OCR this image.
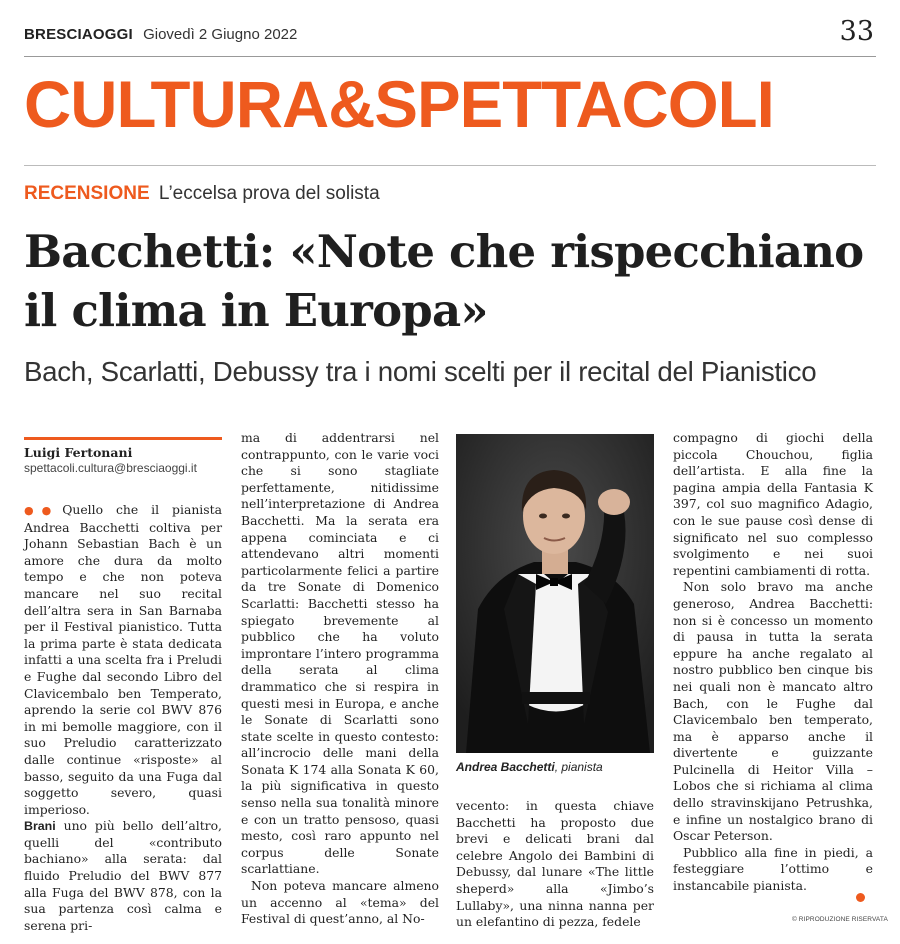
BRESCIAOGGI Giovedì 2 Giugno 2022	33
CULTURA&SPETTACOLI
RECENSIONE L’eccelsa prova del solista
Bacchetti: «Note che rispecchiano
il clima in Europa»
Bach, Scarlatti, Debussy tra i nomi scelti per il recital del Pianistico
Luigi Fertonani
spettacoli.cultura@bresciaoggi.it

●● Quello che il pianista Andrea Bacchetti coltiva per Johann Sebastian Bach è un amore che dura da molto tempo e che non poteva mancare nel suo recital dell’altra sera in San Barnaba per il Festival pianistico. Tutta la prima parte è stata dedicata infatti a una scelta fra i Preludi e Fughe dal secondo Libro del Clavicembalo ben Temperato, aprendo la serie col BWV 876 in mi bemolle maggiore, con il suo Preludio caratterizzato dalle continue «risposte» al basso, seguito da una Fuga dal soggetto severo, quasi imperioso.

Brani uno più bello dell’altro, quelli del «contributo bachiano» alla serata: dal fluido Preludio del BWV 877 alla Fuga del BWV 878, con la sua partenza così calma e serena pri-

ma di addentrarsi nel contrappunto, con le varie voci che si sono stagliate perfettamente, nitidissime nell’interpretazione di Andrea Bacchetti. Ma la serata era appena cominciata e ci attendevano altri momenti particolarmente felici a partire da tre Sonate di Domenico Scarlatti: Bacchetti stesso ha spiegato brevemente al pubblico che ha voluto improntare l’intero programma della serata al clima drammatico che si respira in questi mesi in Europa, e anche le Sonate di Scarlatti sono state scelte in questo contesto: all’incrocio delle mani della Sonata K 174 alla Sonata K 60, la più significativa in questo senso nella sua tonalità minore e con un tratto pensoso, quasi mesto, così raro appunto nel corpus delle Sonate scarlattiane.

Non poteva mancare almeno un accenno al «tema» del Festival di quest’anno, al No-

Andrea Bacchetti, pianista

vecento: in questa chiave Bacchetti ha proposto due brevi e delicati brani dal celebre Angolo dei Bambini di Debussy, dal lunare «The little sheperd» alla «Jimbo’s Lullaby», una ninna nanna per un elefantino di pezza, fedele

compagno di giochi della piccola Chouchou, figlia dell’artista. E alla fine la pagina ampia della Fantasia K 397, col suo magnifico Adagio, con le sue pause così dense di significato nel suo complesso svolgimento e nei suoi repentini cambiamenti di rotta.

Non solo bravo ma anche generoso, Andrea Bacchetti: non si è concesso un momento di pausa in tutta la serata eppure ha anche regalato al nostro pubblico ben cinque bis nei quali non è mancato altro Bach, con le Fughe dal Clavicembalo ben temperato, ma è apparso anche il divertente e guizzante Pulcinella di Heitor Villa – Lobos che si richiama al clima dello stravinskijano Petrushka, e infine un nostalgico brano di Oscar Peterson.

Pubblico alla fine in piedi, a festeggiare l’ottimo e instancabile pianista.

© RIPRODUZIONE RISERVATA
